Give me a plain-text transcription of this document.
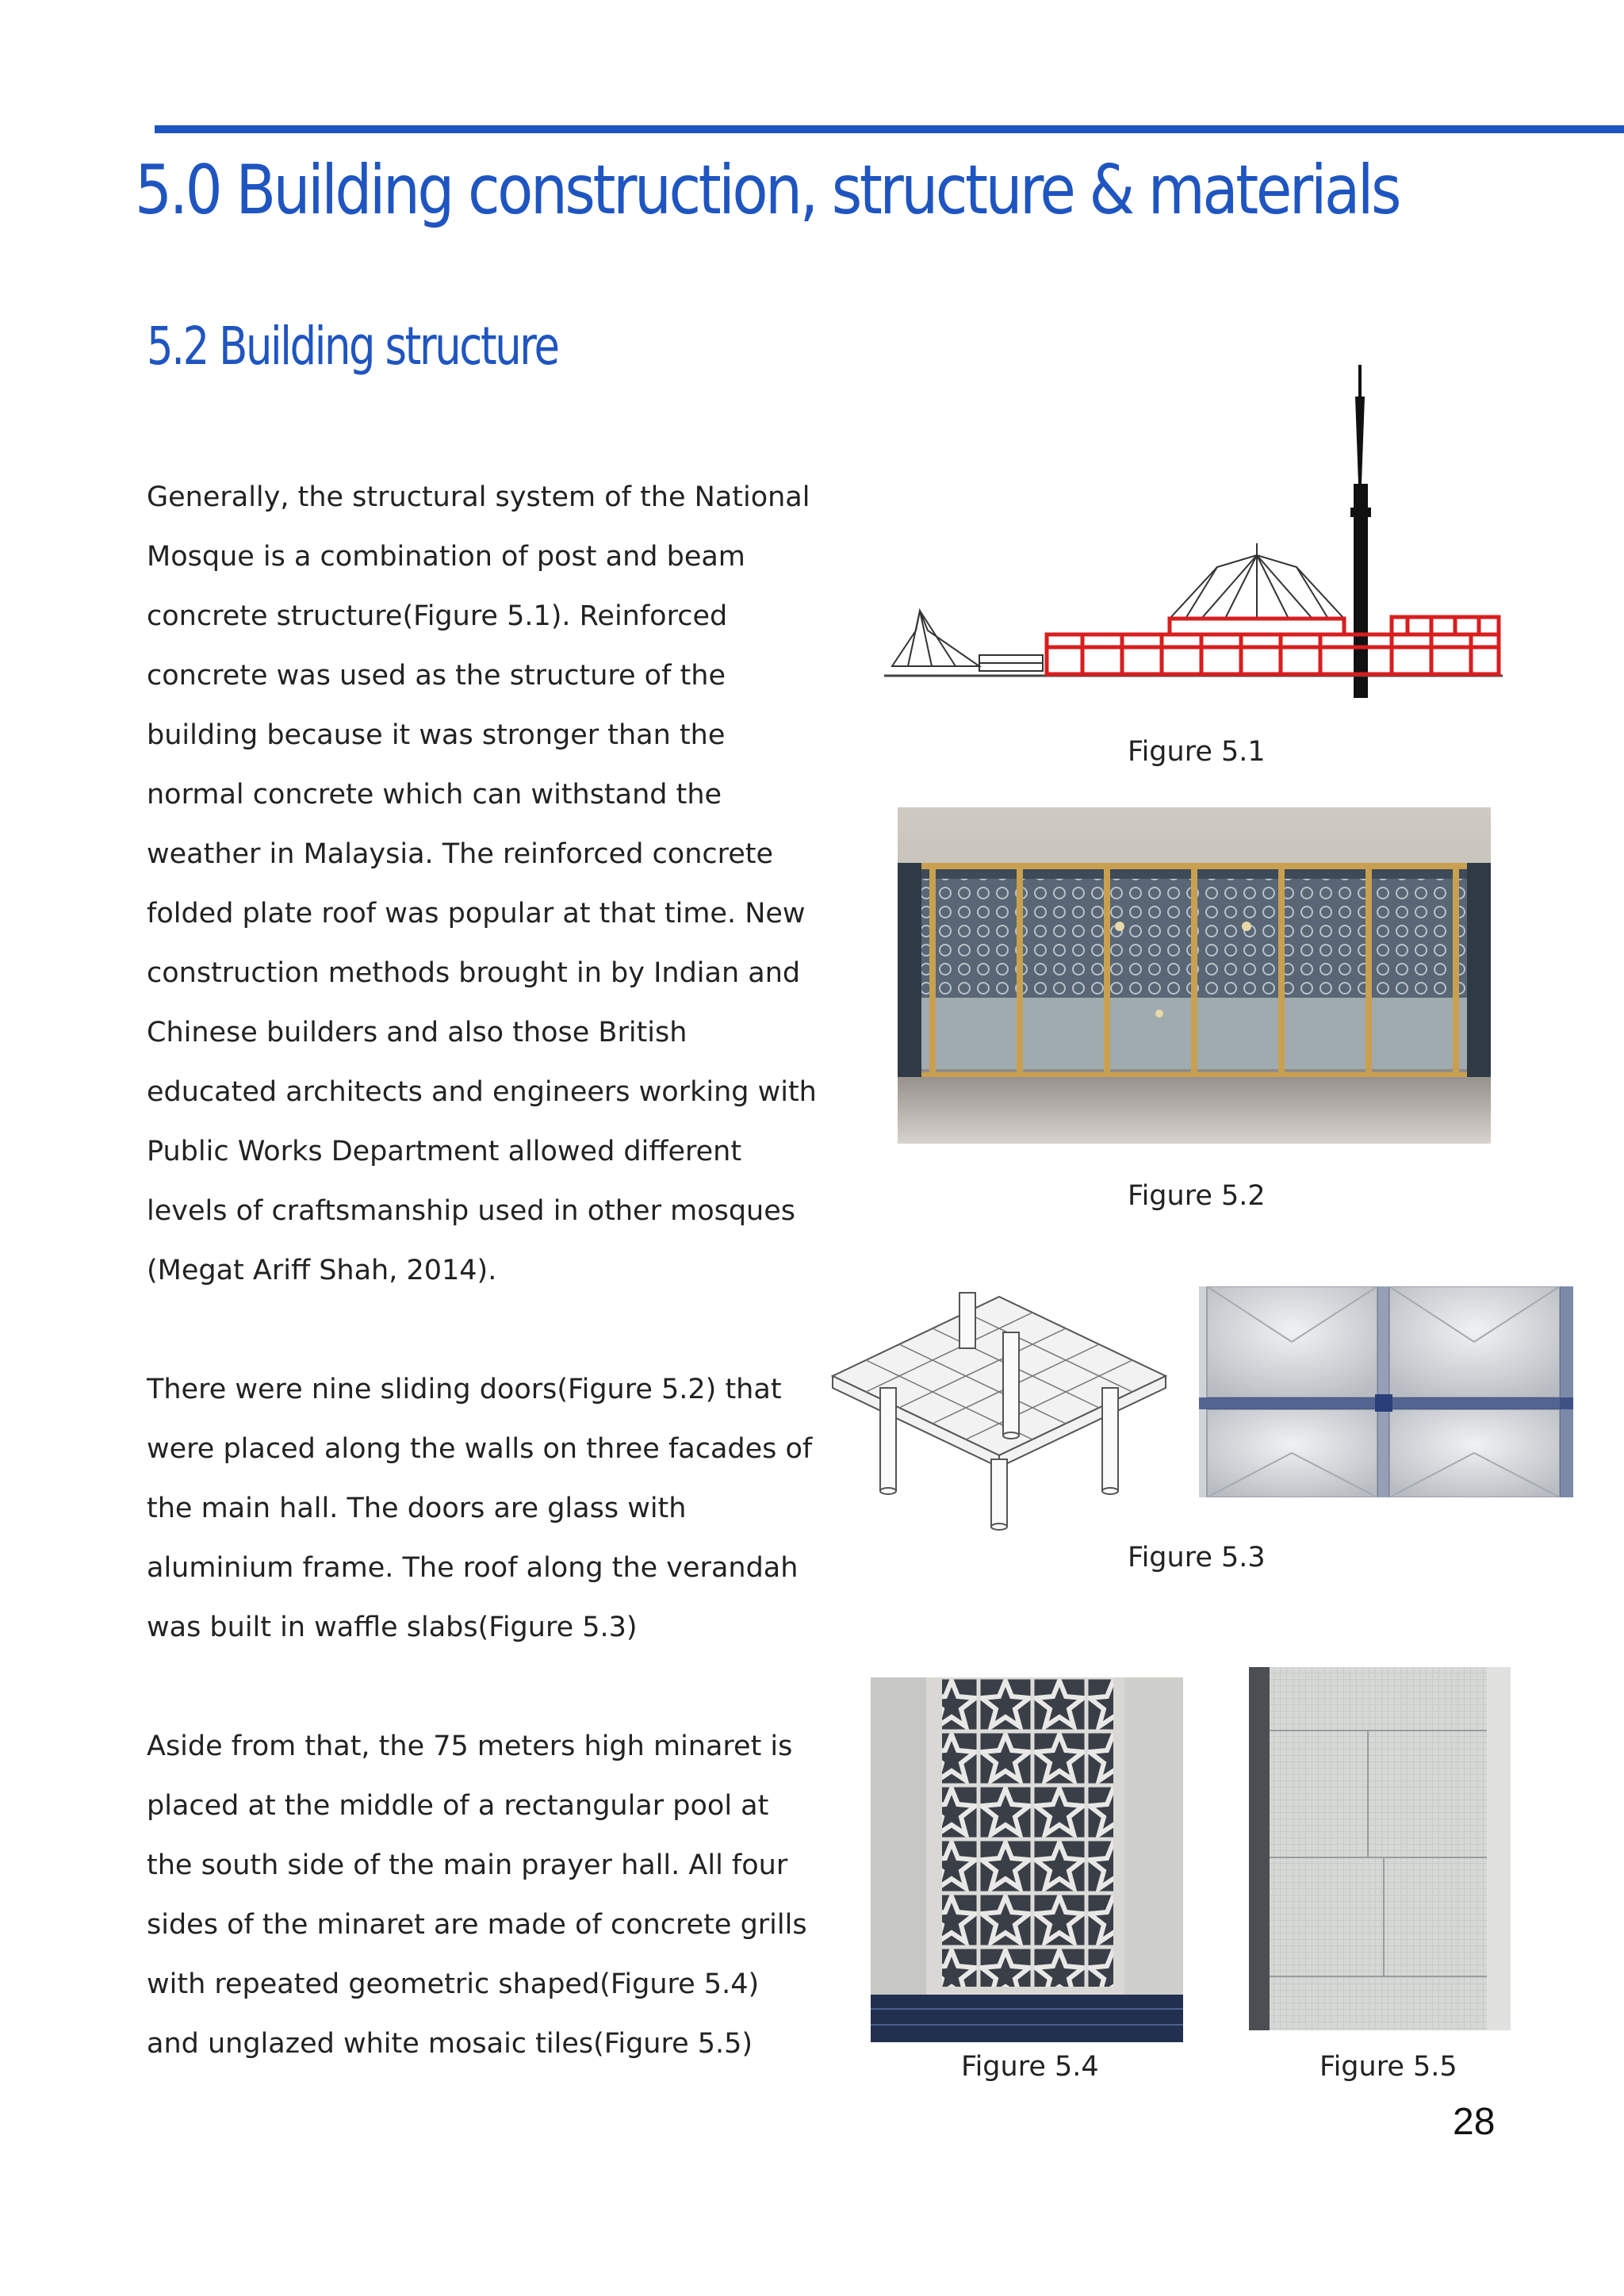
5.0 Building construction, structure & materials
5.2 Building structure
Generally, the structural system of the National
Mosque is a combination of post and beam
concrete structure(Figure 5.1). Reinforced
concrete was used as the structure of the
building because it was stronger than the
normal concrete which can withstand the
weather in Malaysia. The reinforced concrete
folded plate roof was popular at that time. New
construction methods brought in by Indian and
Chinese builders and also those British
educated architects and engineers working with
Public Works Department allowed different
levels of craftsmanship used in other mosques
(Megat Ariff Shah, 2014).
There were nine sliding doors(Figure 5.2) that
were placed along the walls on three facades of
the main hall. The doors are glass with
aluminium frame. The roof along the verandah
was built in waffle slabs(Figure 5.3)
Aside from that, the 75 meters high minaret is
placed at the middle of a rectangular pool at
the south side of the main prayer hall. All four
sides of the minaret are made of concrete grills
with repeated geometric shaped(Figure 5.4)
and unglazed white mosaic tiles(Figure 5.5)
Figure 5.1
Figure 5.2
Figure 5.3
Figure 5.4	Figure 5.5
28
